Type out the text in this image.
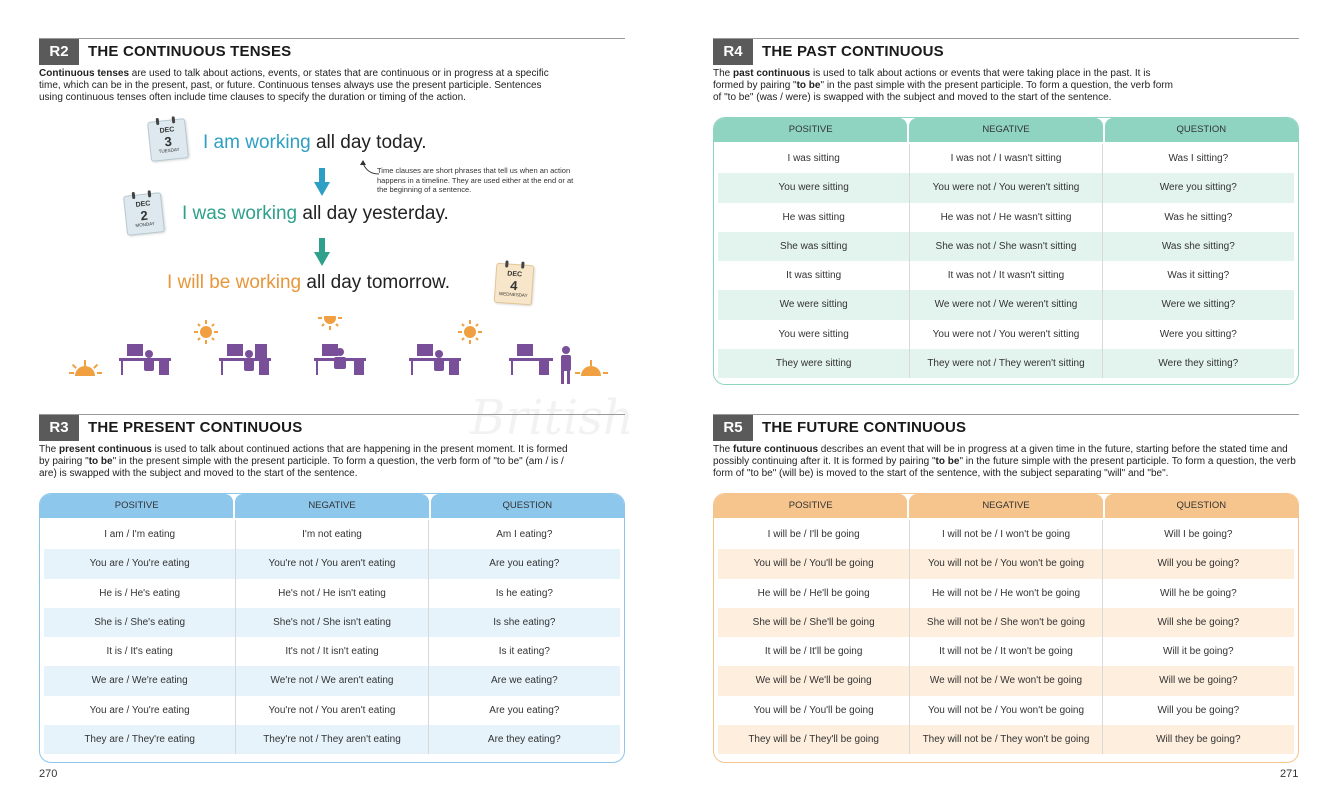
British
R2	THE CONTINUOUS TENSES
Continuous tenses are used to talk about actions, events, or states that are continuous or in progress at a specific time, which can be in the present, past, or future. Continuous tenses always use the present participle. Sentences using continuous tenses often include time clauses to specify the duration or timing of the action.
DEC
3
TUESDAY
DEC
2
MONDAY
DEC
4
WEDNESDAY
I am working all day today.
I was working all day yesterday.
I will be working all day tomorrow.
Time clauses are short phrases that tell us when an action happens in a timeline. They are used either at the end or at the beginning of a sentence.
R3	THE PRESENT CONTINUOUS
The present continuous is used to talk about continued actions that are happening in the present moment. It is formed by pairing "to be" in the present simple with the present participle. To form a question, the verb form of "to be" (am / is / are) is swapped with the subject and moved to the start of the sentence.
POSITIVE	NEGATIVE	QUESTION
I am / I'm eating	I'm not eating	Am I eating?
You are / You're eating	You're not / You aren't eating	Are you eating?
He is / He's eating	He's not / He isn't eating	Is he eating?
She is / She's eating	She's not / She isn't eating	Is she eating?
It is / It's eating	It's not / It isn't eating	Is it eating?
We are / We're eating	We're not / We aren't eating	Are we eating?
You are / You're eating	You're not / You aren't eating	Are you eating?
They are / They're eating	They're not / They aren't eating	Are they eating?
R4	THE PAST CONTINUOUS
The past continuous is used to talk about actions or events that were taking place in the past. It is formed by pairing "to be" in the past simple with the present participle. To form a question, the verb form of "to be" (was / were) is swapped with the subject and moved to the start of the sentence.
POSITIVE	NEGATIVE	QUESTION
I was sitting	I was not / I wasn't sitting	Was I sitting?
You were sitting	You were not / You weren't sitting	Were you sitting?
He was sitting	He was not / He wasn't sitting	Was he sitting?
She was sitting	She was not / She wasn't sitting	Was she sitting?
It was sitting	It was not / It wasn't sitting	Was it sitting?
We were sitting	We were not / We weren't sitting	Were we sitting?
You were sitting	You were not / You weren't sitting	Were you sitting?
They were sitting	They were not / They weren't sitting	Were they sitting?
R5	THE FUTURE CONTINUOUS
The future continuous describes an event that will be in progress at a given time in the future, starting before the stated time and possibly continuing after it. It is formed by pairing "to be" in the future simple with the present participle. To form a question, the verb form of "to be" (will be) is moved to the start of the sentence, with the subject separating "will" and "be".
POSITIVE	NEGATIVE	QUESTION
I will be / I'll be going	I will not be / I won't be going	Will I be going?
You will be / You'll be going	You will not be / You won't be going	Will you be going?
He will be / He'll be going	He will not be / He won't be going	Will he be going?
She will be / She'll be going	She will not be / She won't be going	Will she be going?
It will be / It'll be going	It will not be / It won't be going	Will it be going?
We will be / We'll be going	We will not be / We won't be going	Will we be going?
You will be / You'll be going	You will not be / You won't be going	Will you be going?
They will be / They'll be going	They will not be / They won't be going	Will they be going?
270	271
